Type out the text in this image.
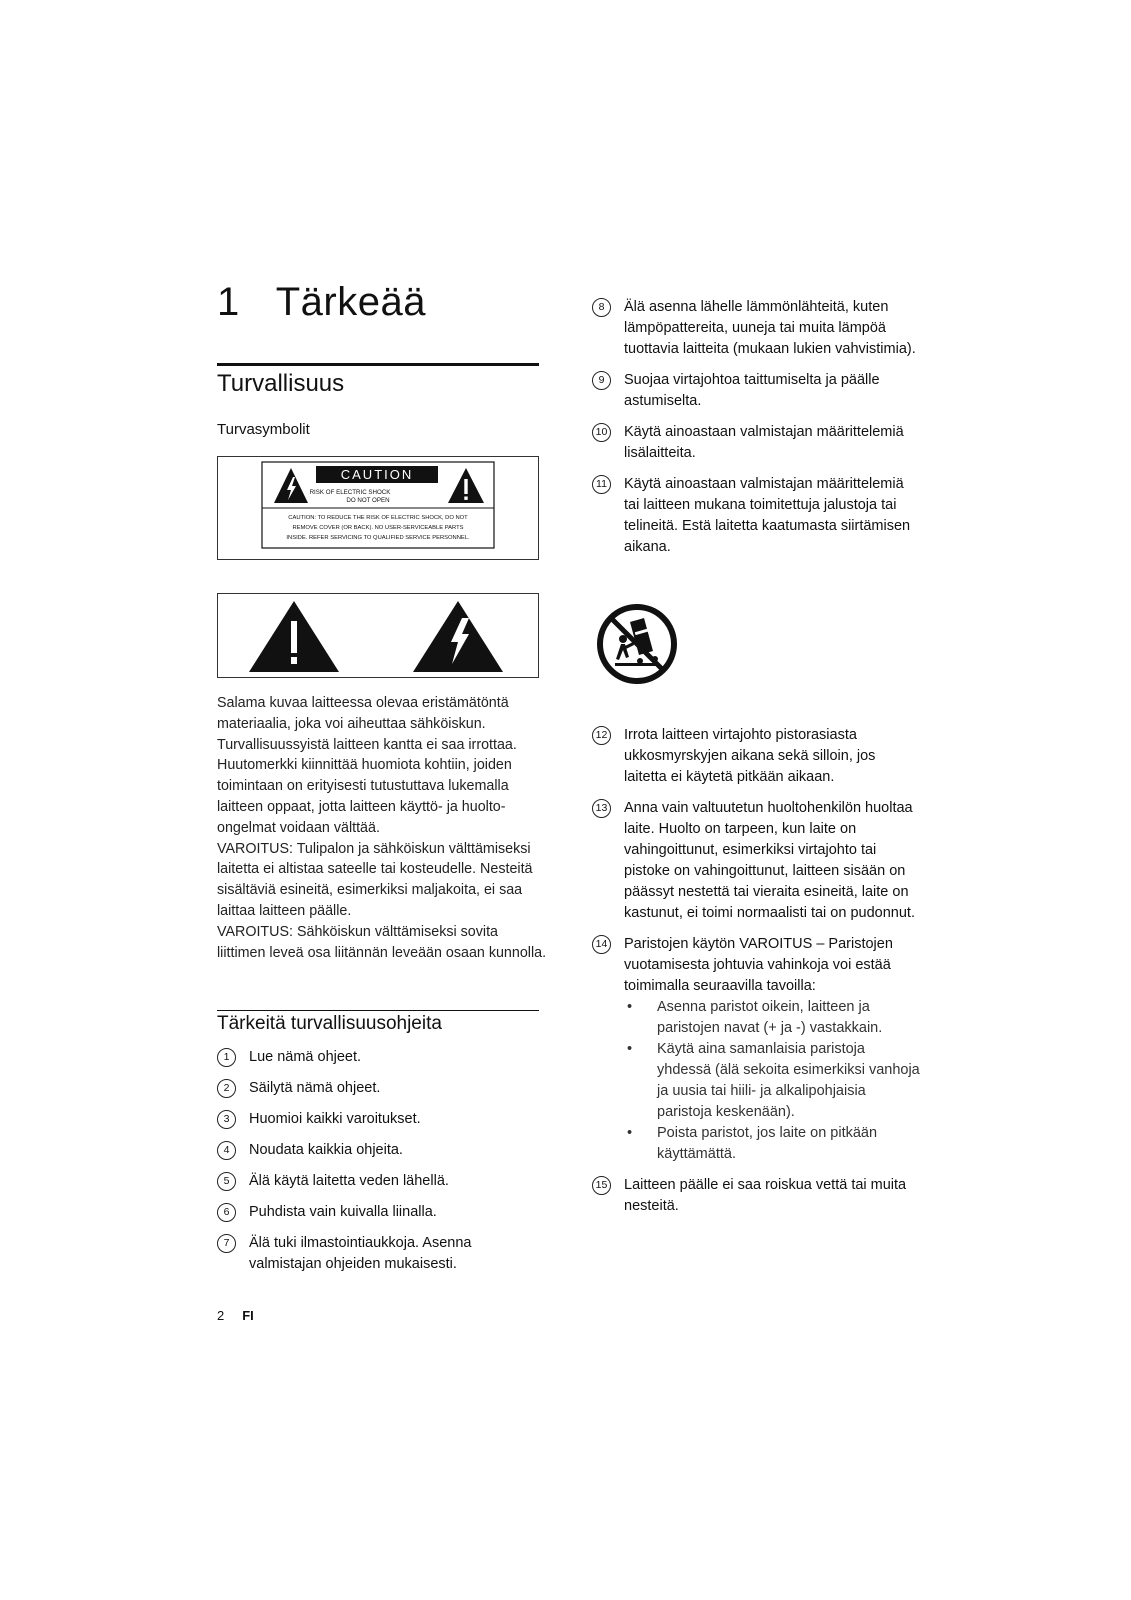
1 Tärkeää
Turvallisuus
Turvasymbolit
CAUTION
RISK OF ELECTRIC SHOCK
DO NOT OPEN
CAUTION: TO REDUCE THE RISK OF ELECTRIC SHOCK, DO NOT
REMOVE COVER (OR BACK). NO USER-SERVICEABLE PARTS
INSIDE. REFER SERVICING TO QUALIFIED SERVICE PERSONNEL.

Salama kuvaa laitteessa olevaa eristämätöntä materiaalia, joka voi aiheuttaa sähköiskun. Turvallisuussyistä laitteen kantta ei saa irrottaa. Huutomerkki kiinnittää huomiota kohtiin, joiden toimintaan on erityisesti tutustuttava lukemalla laitteen oppaat, jotta laitteen käyttö- ja huolto-ongelmat voidaan välttää.

VAROITUS: Tulipalon ja sähköiskun välttämiseksi laitetta ei altistaa sateelle tai kosteudelle. Nesteitä sisältäviä esineitä, esimerkiksi maljakoita, ei saa laittaa laitteen päälle.

VAROITUS: Sähköiskun välttämiseksi sovita liittimen leveä osa liitännän leveään osaan kunnolla.

Tärkeitä turvallisuusohjeita
1	Lue nämä ohjeet.
2	Säilytä nämä ohjeet.
3	Huomioi kaikki varoitukset.
4	Noudata kaikkia ohjeita.
5	Älä käytä laitetta veden lähellä.
6	Puhdista vain kuivalla liinalla.
7	Älä tuki ilmastointiaukkoja. Asenna valmistajan ohjeiden mukaisesti.
8	Älä asenna lähelle lämmönlähteitä, kuten lämpöpattereita, uuneja tai muita lämpöä tuottavia laitteita (mukaan lukien vahvistimia).
9	Suojaa virtajohtoa taittumiselta ja päälle astumiselta.
10 Käytä ainoastaan valmistajan määrittelemiä lisälaitteita.
11 Käytä ainoastaan valmistajan määrittelemiä tai laitteen mukana toimitettuja jalustoja tai telineitä. Estä laitetta kaatumasta siirtämisen aikana.
12 Irrota laitteen virtajohto pistorasiasta ukkosmyrskyjen aikana sekä silloin, jos laitetta ei käytetä pitkään aikaan.
13 Anna vain valtuutetun huoltohenkilön huoltaa laite. Huolto on tarpeen, kun laite on vahingoittunut, esimerkiksi virtajohto tai pistoke on vahingoittunut, laitteen sisään on päässyt nestettä tai vieraita esineitä, laite on kastunut, ei toimi normaalisti tai on pudonnut.
14 Paristojen käytön VAROITUS – Paristojen vuotamisesta johtuvia vahinkoja voi estää toimimalla seuraavilla tavoilla:
• Asenna paristot oikein, laitteen ja paristojen navat (+ ja -) vastakkain.
• Käytä aina samanlaisia paristoja yhdessä (älä sekoita esimerkiksi vanhoja ja uusia tai hiili- ja alkalipohjaisia paristoja keskenään).
• Poista paristot, jos laite on pitkään käyttämättä.
15 Laitteen päälle ei saa roiskua vettä tai muita nesteitä.
2 FI
